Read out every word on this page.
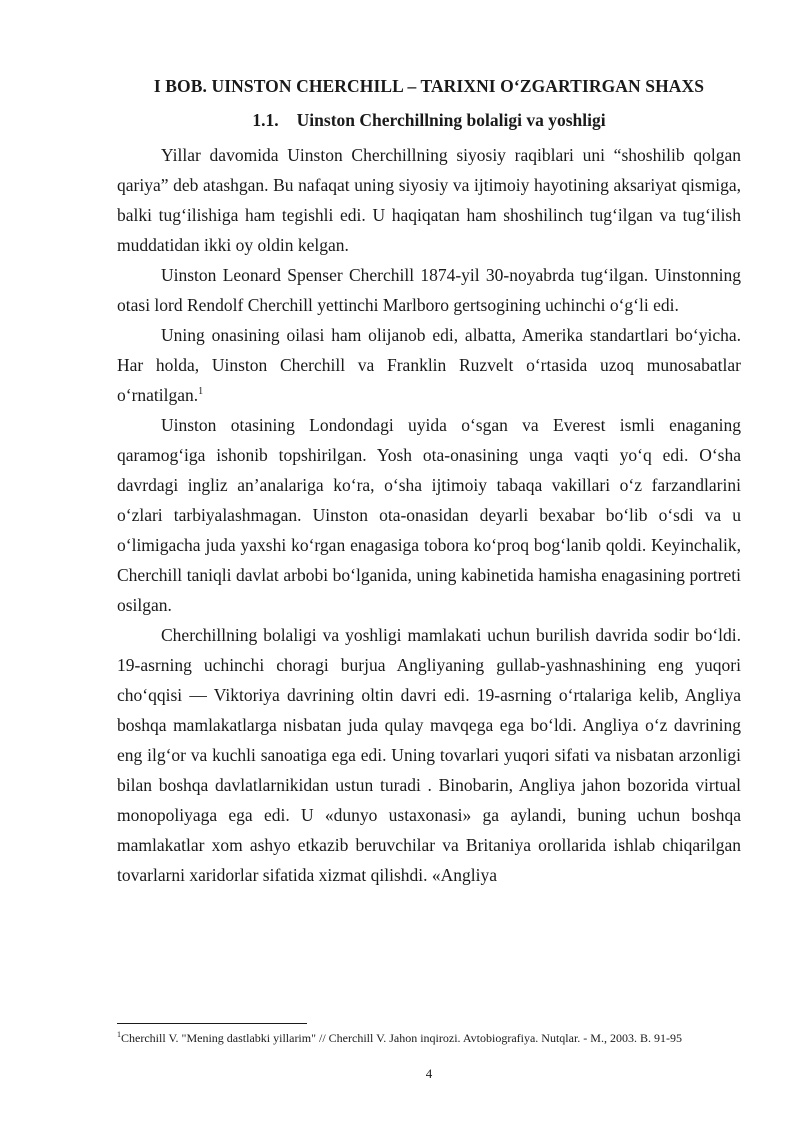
I BOB. UINSTON CHERCHILL – TARIXNI O‘ZGARTIRGAN SHAXS
1.1. Uinston Cherchillning bolaligi va yoshligi

Yillar davomida Uinston Cherchillning siyosiy raqiblari uni “shoshilib qolgan qariya” deb atashgan. Bu nafaqat uning siyosiy va ijtimoiy hayotining aksariyat qismiga, balki tug‘ilishiga ham tegishli edi. U haqiqatan ham shoshilinch tug‘ilgan va tug‘ilish muddatidan ikki oy oldin kelgan.

Uinston Leonard Spenser Cherchill 1874-yil 30-noyabrda tug‘ilgan. Uinstonning otasi lord Rendolf Cherchill yettinchi Marlboro gertsogining uchinchi o‘g‘li edi.

Uning onasining oilasi ham olijanob edi, albatta, Amerika standartlari bo‘yicha. Har holda, Uinston Cherchill va Franklin Ruzvelt o‘rtasida uzoq munosabatlar o‘rnatilgan.$^1$

Uinston otasining Londondagi uyida o‘sgan va Everest ismli enaganing qaramog‘iga ishonib topshirilgan. Yosh ota-onasining unga vaqti yo‘q edi. O‘sha davrdagi ingliz an’analariga ko‘ra, o‘sha ijtimoiy tabaqa vakillari o‘z farzandlarini o‘zlari tarbiyalashmagan. Uinston ota-onasidan deyarli bexabar bo‘lib o‘sdi va u o‘limigacha juda yaxshi ko‘rgan enagasiga tobora ko‘proq bog‘lanib qoldi. Keyinchalik, Cherchill taniqli davlat arbobi bo‘lganida, uning kabinetida hamisha enagasining portreti osilgan.

Cherchillning bolaligi va yoshligi mamlakati uchun burilish davrida sodir bo‘ldi. 19-asrning uchinchi choragi burjua Angliyaning gullab-yashnashining eng yuqori cho‘qqisi — Viktoriya davrining oltin davri edi. 19-asrning o‘rtalariga kelib, Angliya boshqa mamlakatlarga nisbatan juda qulay mavqega ega bo‘ldi. Angliya o‘z davrining eng ilg‘or va kuchli sanoatiga ega edi. Uning tovarlari yuqori sifati va nisbatan arzonligi bilan boshqa davlatlarnikidan ustun turadi . Binobarin, Angliya jahon bozorida virtual monopoliyaga ega edi. U «dunyo ustaxonasi» ga aylandi, buning uchun boshqa mamlakatlar xom ashyo etkazib beruvchilar va Britaniya orollarida ishlab chiqarilgan tovarlarni xaridorlar sifatida xizmat qilishdi. «Angliya

$^1$Cherchill V. "Mening dastlabki yillarim" // Cherchill V. Jahon inqirozi. Avtobiografiya. Nutqlar. - M., 2003. B. 91-95
4
